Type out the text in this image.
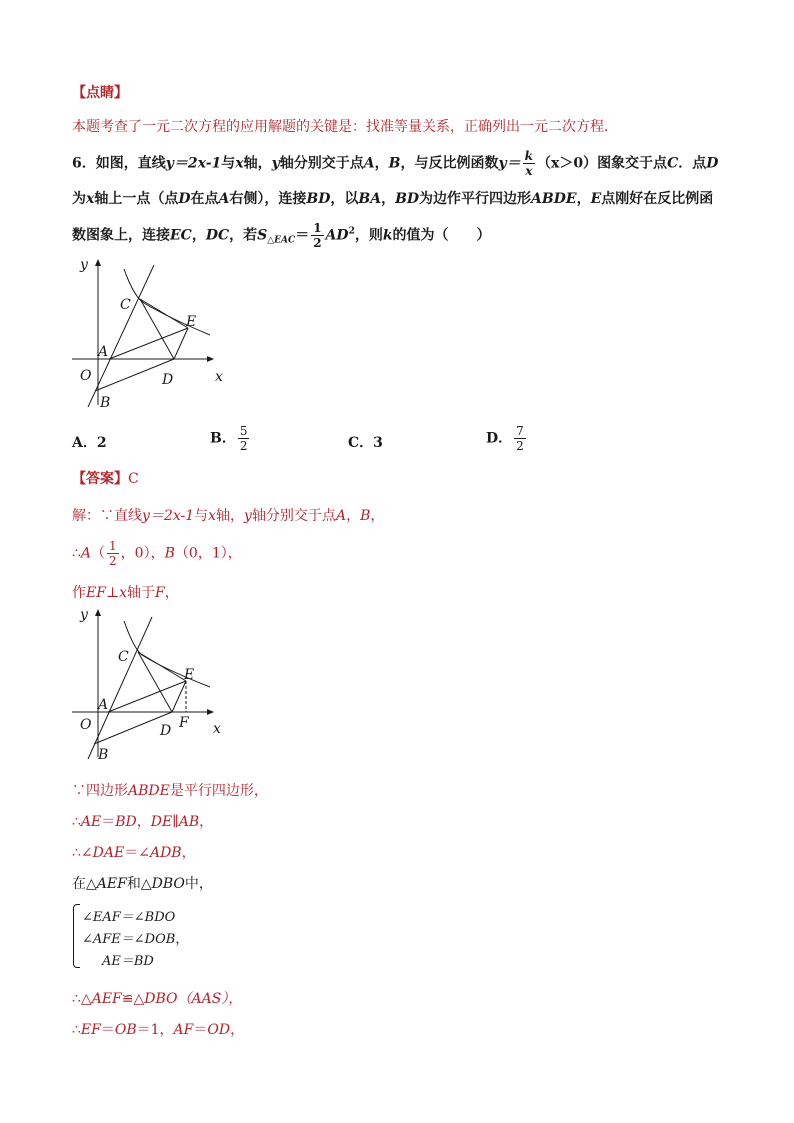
【点睛】
本题考查了一元二次方程的应用解题的关键是：找准等量关系，正确列出一元二次方程．
6．如图，直线y＝2x-1与x轴，y轴分别交于点A，B，与反比例函数$y= \frac{k}{x} (x>0)$图象交于点C．点D
为x轴上一点（点D在点A右侧），连接BD，以BA，BD为边作平行四边形ABDE，E点刚好在反比例函
数图象上，连接EC，DC，若$S_{\triangle EAC}= \frac{1}{2} AD^2$，则k的值为（　　）
y
x
O
A
B
C
D
E
A．2	B． $\frac{5}{2}$	C．3	D． $\frac{7}{2}$
【答案】C
解：∵直线y＝2x-1与x轴，y轴分别交于点A，B，
∴A（ $\frac{1}{2}$ ，0），B（0，1），
作EF⊥x轴于F，
y
x
O
A
B
C
D
E
F
∵四边形ABDE是平行四边形，
∴AE＝BD，DE∥AB，
∴∠DAE＝∠ADB，
在△AEF和△DBO中，
∠EAF＝∠BDO
∠AFE＝∠DOB，
AE＝BD
∴△AEF≌△DBO（AAS），
∴EF＝OB＝1，AF＝OD，
